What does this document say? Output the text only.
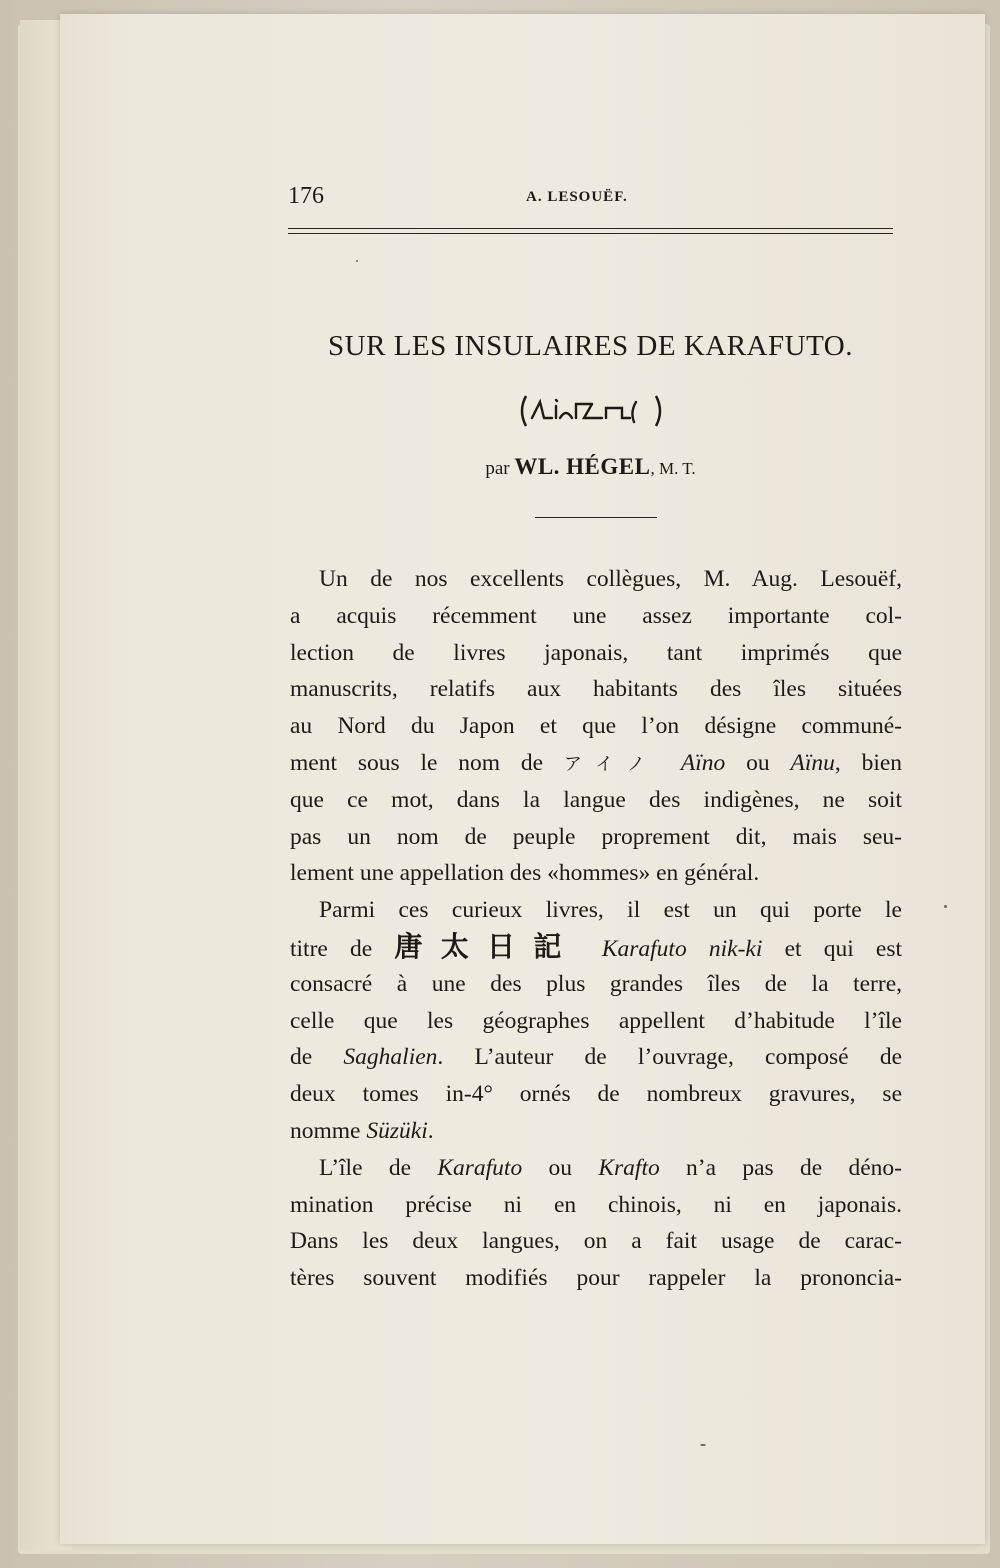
176	A. LESOUËF.
SUR LES INSULAIRES DE KARAFUTO.
par WL. HÉGEL, M. T.
Un de nos excellents collègues, M. Aug. Lesouëf,
a acquis récemment une assez importante col-
lection de livres japonais, tant imprimés que
manuscrits, relatifs aux habitants des îles situées
au Nord du Japon et que l’on désigne communé-
ment sous le nom de アイノ Aïno ou Aïnu, bien
que ce mot, dans la langue des indigènes, ne soit
pas un nom de peuple proprement dit, mais seu-
lement une appellation des «hommes» en général.
Parmi ces curieux livres, il est un qui porte le
titre de 唐太日記 Karafuto nik-ki et qui est
consacré à une des plus grandes îles de la terre,
celle que les géographes appellent d’habitude l’île
de Saghalien. L’auteur de l’ouvrage, composé de
deux tomes in-4° ornés de nombreux gravures, se
nomme Süzüki.
L’île de Karafuto ou Krafto n’a pas de déno-
mination précise ni en chinois, ni en japonais.
Dans les deux langues, on a fait usage de carac-
tères souvent modifiés pour rappeler la prononcia-
